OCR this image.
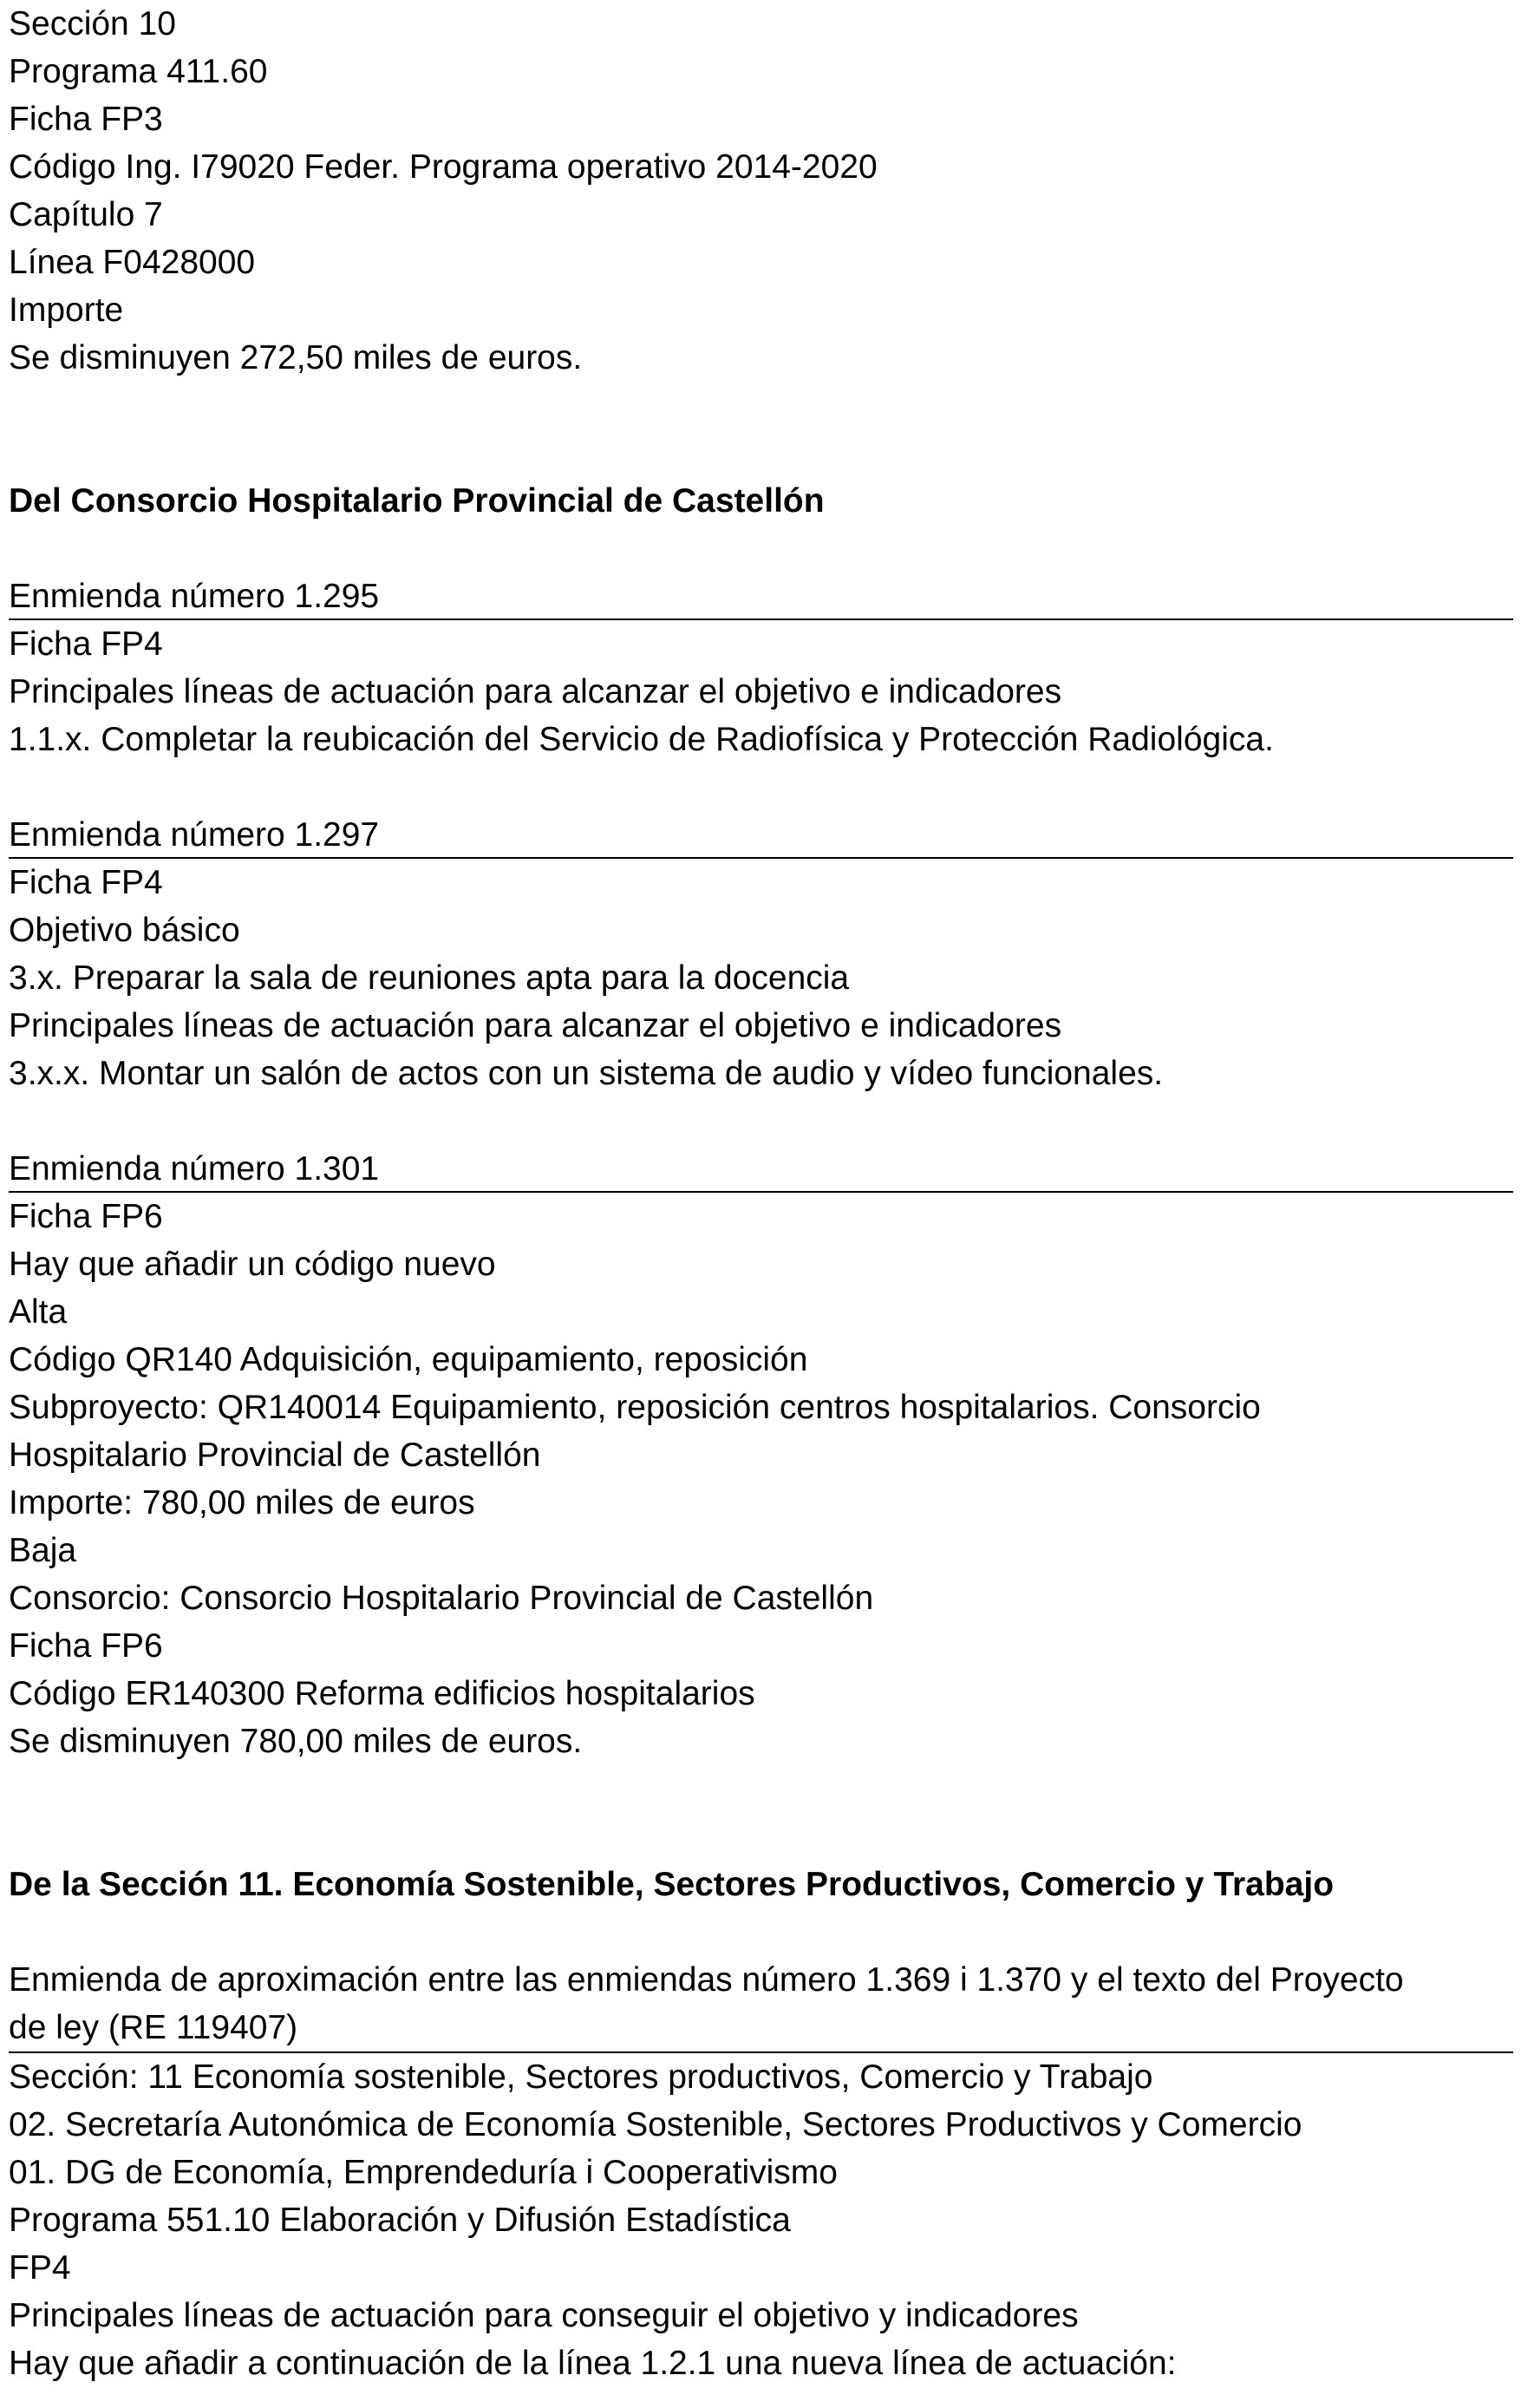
Sección 10
Programa 411.60
Ficha FP3
Código Ing. I79020 Feder. Programa operativo 2014-2020
Capítulo 7
Línea F0428000
Importe
Se disminuyen 272,50 miles de euros.
Del Consorcio Hospitalario Provincial de Castellón
Enmienda número 1.295
Ficha FP4
Principales líneas de actuación para alcanzar el objetivo e indicadores
1.1.x. Completar la reubicación del Servicio de Radiofísica y Protección Radiológica.
Enmienda número 1.297
Ficha FP4
Objetivo básico
3.x. Preparar la sala de reuniones apta para la docencia
Principales líneas de actuación para alcanzar el objetivo e indicadores
3.x.x. Montar un salón de actos con un sistema de audio y vídeo funcionales.
Enmienda número 1.301
Ficha FP6
Hay que añadir un código nuevo
Alta
Código QR140 Adquisición, equipamiento, reposición
Subproyecto: QR140014 Equipamiento, reposición centros hospitalarios. Consorcio
Hospitalario Provincial de Castellón
Importe: 780,00 miles de euros
Baja
Consorcio: Consorcio Hospitalario Provincial de Castellón
Ficha FP6
Código ER140300 Reforma edificios hospitalarios
Se disminuyen 780,00 miles de euros.
De la Sección 11. Economía Sostenible, Sectores Productivos, Comercio y Trabajo
Enmienda de aproximación entre las enmiendas número 1.369 i 1.370 y el texto del Proyecto
de ley (RE 119407)
Sección: 11 Economía sostenible, Sectores productivos, Comercio y Trabajo
02. Secretaría Autonómica de Economía Sostenible, Sectores Productivos y Comercio
01. DG de Economía, Emprendeduría i Cooperativismo
Programa 551.10 Elaboración y Difusión Estadística
FP4
Principales líneas de actuación para conseguir el objetivo y indicadores
Hay que añadir a continuación de la línea 1.2.1 una nueva línea de actuación:
